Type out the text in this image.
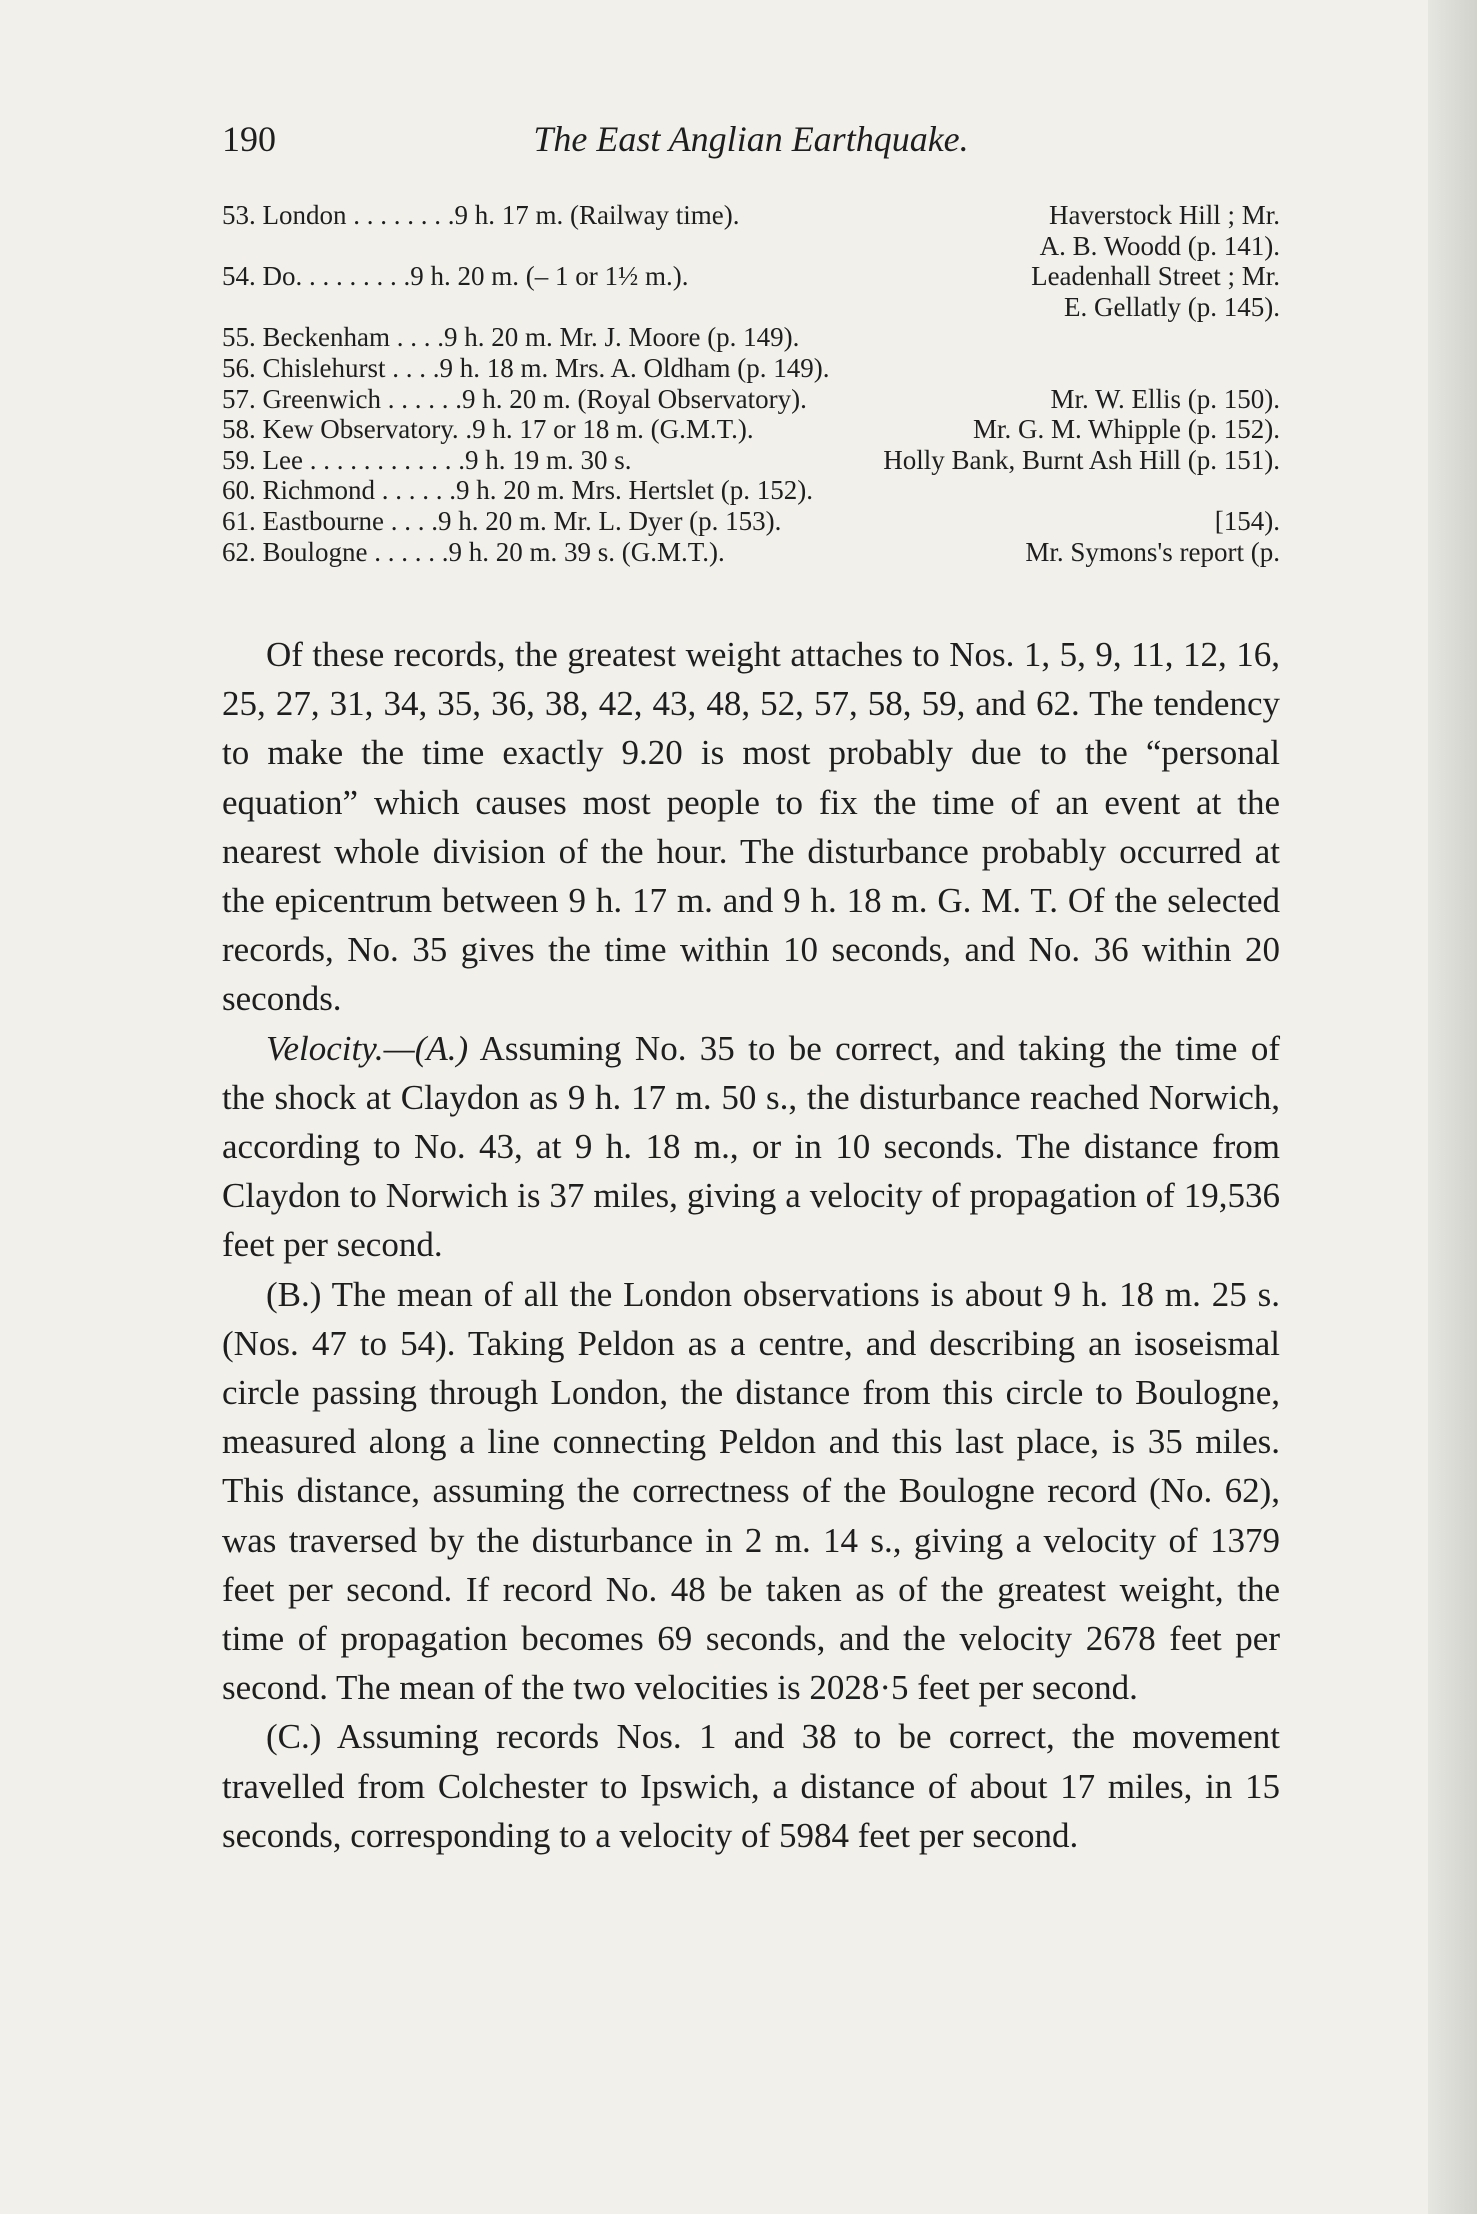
190	The East Anglian Earthquake.
53. London . . . . . . . .9 h. 17 m. (Railway time).	Haverstock Hill ; Mr.
A. B. Woodd (p. 141).
54. Do. . . . . . . . .9 h. 20 m. (– 1 or 1½ m.).	Leadenhall Street ; Mr.
E. Gellatly (p. 145).
55. Beckenham . . . .9 h. 20 m. Mr. J. Moore (p. 149).
56. Chislehurst . . . .9 h. 18 m. Mrs. A. Oldham (p. 149).
57. Greenwich . . . . . .9 h. 20 m. (Royal Observatory).	Mr. W. Ellis (p. 150).
58. Kew Observatory. .9 h. 17 or 18 m. (G.M.T.).	Mr. G. M. Whipple (p. 152).
59. Lee . . . . . . . . . . . .9 h. 19 m. 30 s.	Holly Bank, Burnt Ash Hill (p. 151).
60. Richmond . . . . . .9 h. 20 m. Mrs. Hertslet (p. 152).
61. Eastbourne . . . .9 h. 20 m. Mr. L. Dyer (p. 153).	[154).
62. Boulogne . . . . . .9 h. 20 m. 39 s. (G.M.T.).	Mr. Symons's report (p.

Of these records, the greatest weight attaches to Nos. 1, 5, 9, 11, 12, 16, 25, 27, 31, 34, 35, 36, 38, 42, 43, 48, 52, 57, 58, 59, and 62. The tendency to make the time exactly 9.20 is most probably due to the “personal equation” which causes most people to fix the time of an event at the nearest whole division of the hour. The disturbance probably occurred at the epicentrum between 9 h. 17 m. and 9 h. 18 m. G. M. T. Of the selected records, No. 35 gives the time within 10 seconds, and No. 36 within 20 seconds.

Velocity.—(A.) Assuming No. 35 to be correct, and taking the time of the shock at Claydon as 9 h. 17 m. 50 s., the disturbance reached Norwich, according to No. 43, at 9 h. 18 m., or in 10 seconds. The distance from Claydon to Norwich is 37 miles, giving a velocity of propagation of 19,536 feet per second.

(B.) The mean of all the London observations is about 9 h. 18 m. 25 s. (Nos. 47 to 54). Taking Peldon as a centre, and describing an isoseismal circle passing through London, the distance from this circle to Boulogne, measured along a line connecting Peldon and this last place, is 35 miles. This distance, assuming the correctness of the Boulogne record (No. 62), was traversed by the disturbance in 2 m. 14 s., giving a velocity of 1379 feet per second. If record No. 48 be taken as of the greatest weight, the time of propagation becomes 69 seconds, and the velocity 2678 feet per second. The mean of the two velocities is 2028·5 feet per second.

(C.) Assuming records Nos. 1 and 38 to be correct, the movement travelled from Colchester to Ipswich, a distance of about 17 miles, in 15 seconds, corresponding to a velocity of 5984 feet per second.
